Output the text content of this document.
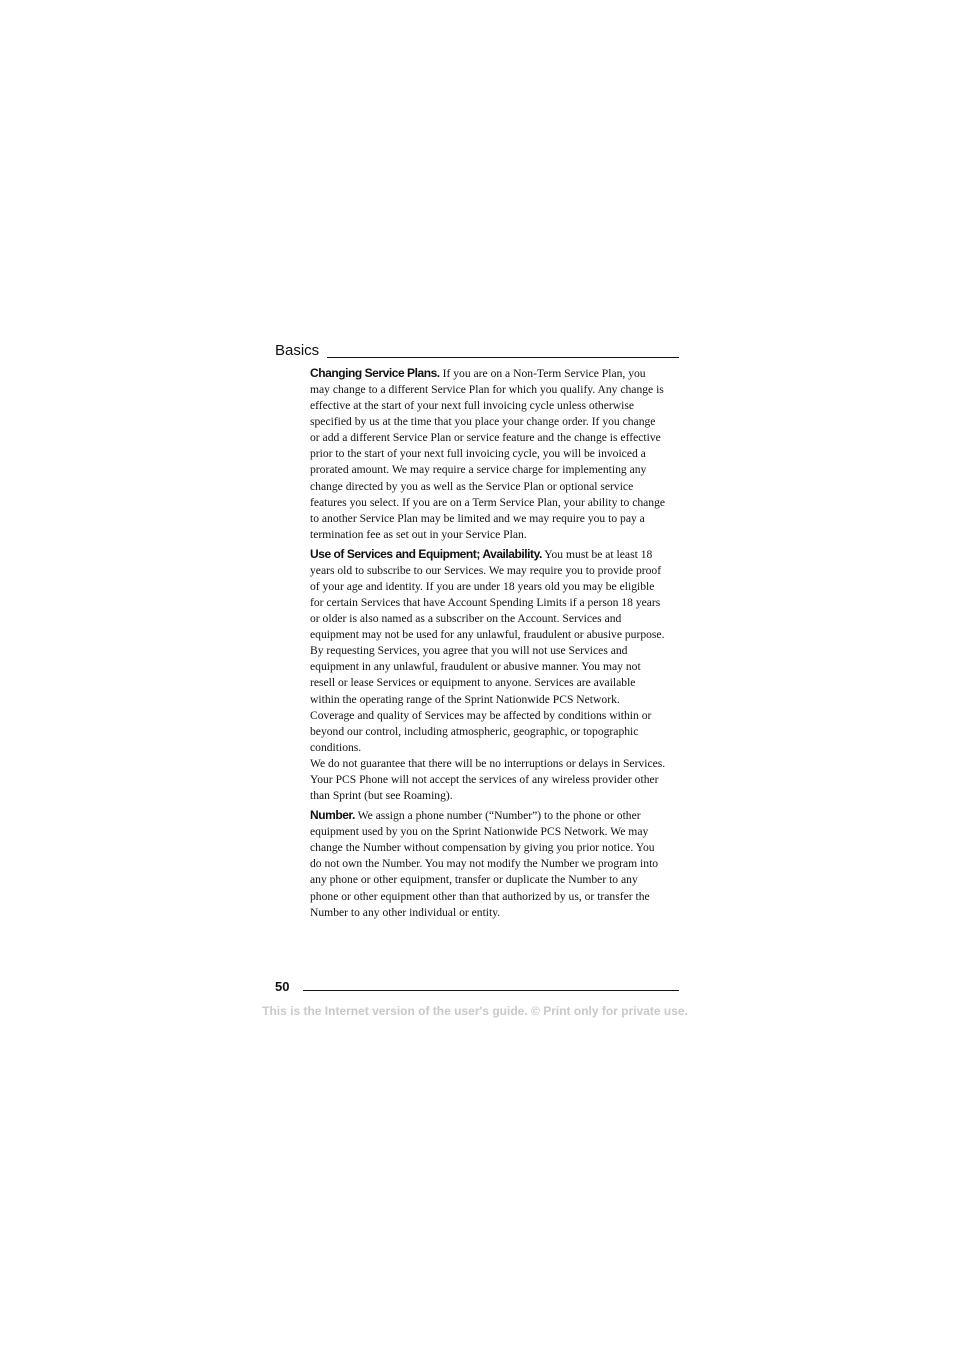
Basics

Changing Service Plans. If you are on a Non-Term Service Plan, you may change to a different Service Plan for which you qualify. Any change is effective at the start of your next full invoicing cycle unless otherwise specified by us at the time that you place your change order. If you change or add a different Service Plan or service feature and the change is effective prior to the start of your next full invoicing cycle, you will be invoiced a prorated amount. We may require a service charge for implementing any change directed by you as well as the Service Plan or optional service features you select. If you are on a Term Service Plan, your ability to change to another Service Plan may be limited and we may require you to pay a termination fee as set out in your Service Plan.

Use of Services and Equipment; Availability. You must be at least 18 years old to subscribe to our Services. We may require you to provide proof of your age and identity. If you are under 18 years old you may be eligible for certain Services that have Account Spending Limits if a person 18 years or older is also named as a subscriber on the Account. Services and equipment may not be used for any unlawful, fraudulent or abusive purpose. By requesting Services, you agree that you will not use Services and equipment in any unlawful, fraudulent or abusive manner. You may not resell or lease Services or equipment to anyone. Services are available within the operating range of the Sprint Nationwide PCS Network. Coverage and quality of Services may be affected by conditions within or beyond our control, including atmospheric, geographic, or topographic conditions.

We do not guarantee that there will be no interruptions or delays in Services. Your PCS Phone will not accept the services of any wireless provider other than Sprint (but see Roaming).

Number. We assign a phone number (“Number”) to the phone or other equipment used by you on the Sprint Nationwide PCS Network. We may change the Number without compensation by giving you prior notice. You do not own the Number. You may not modify the Number we program into any phone or other equipment, transfer or duplicate the Number to any phone or other equipment other than that authorized by us, or transfer the Number to any other individual or entity.

50
This is the Internet version of the user's guide. © Print only for private use.
